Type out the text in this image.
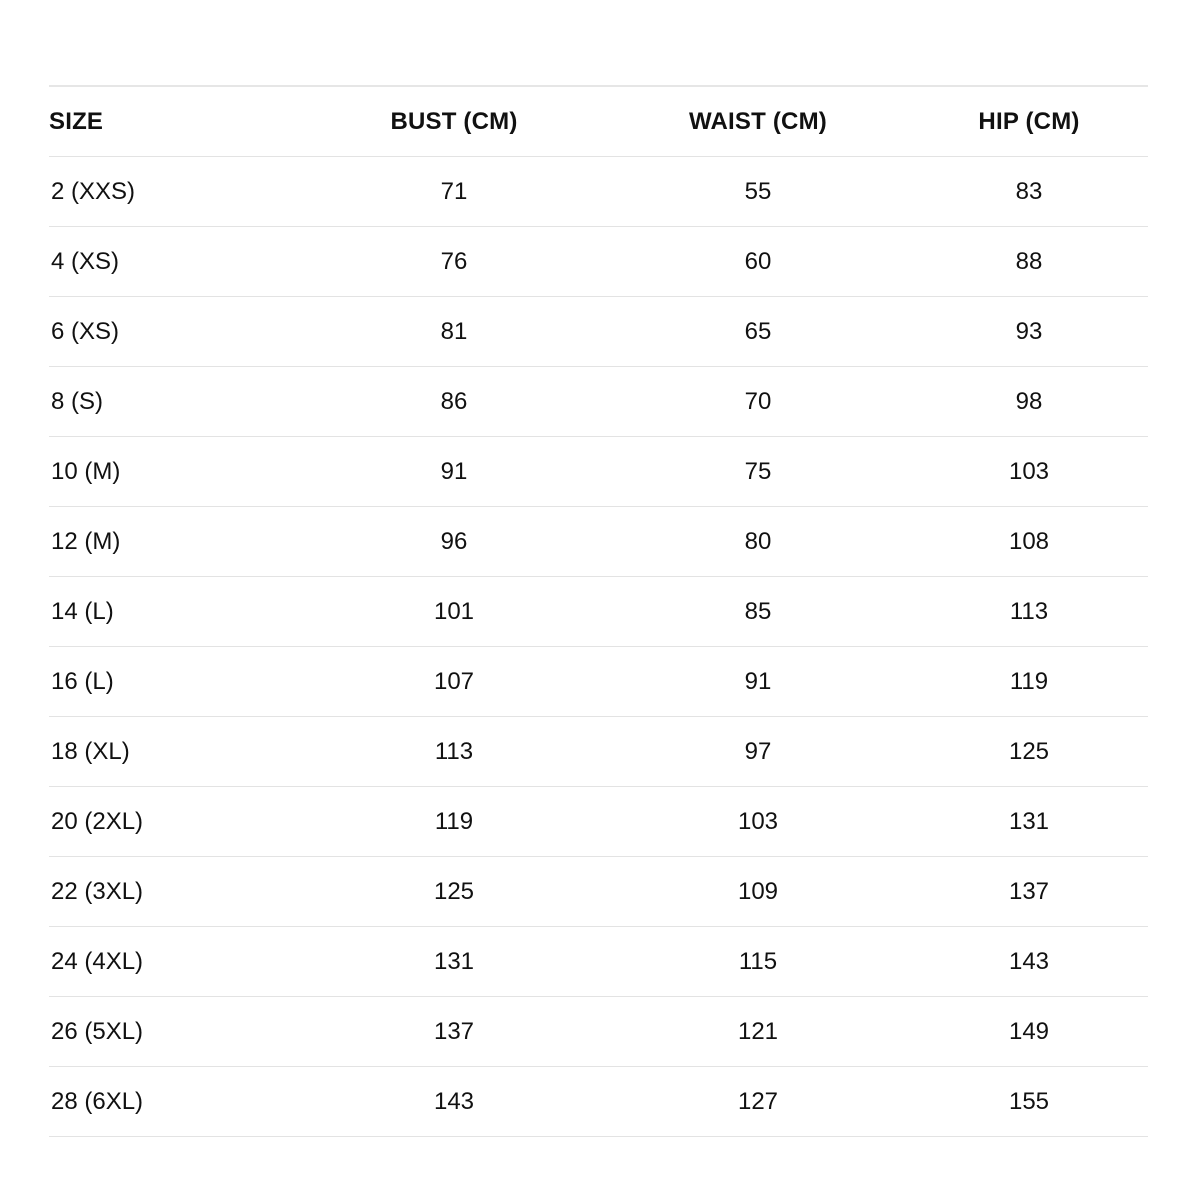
SIZE	BUST (CM)	WAIST (CM)	HIP (CM)
2 (XXS)	71	55	83
4 (XS)	76	60	88
6 (XS)	81	65	93
8 (S)	86	70	98
10 (M)	91	75	103
12 (M)	96	80	108
14 (L)	101	85	113
16 (L)	107	91	119
18 (XL)	113	97	125
20 (2XL)	119	103	131
22 (3XL)	125	109	137
24 (4XL)	131	115	143
26 (5XL)	137	121	149
28 (6XL)	143	127	155
